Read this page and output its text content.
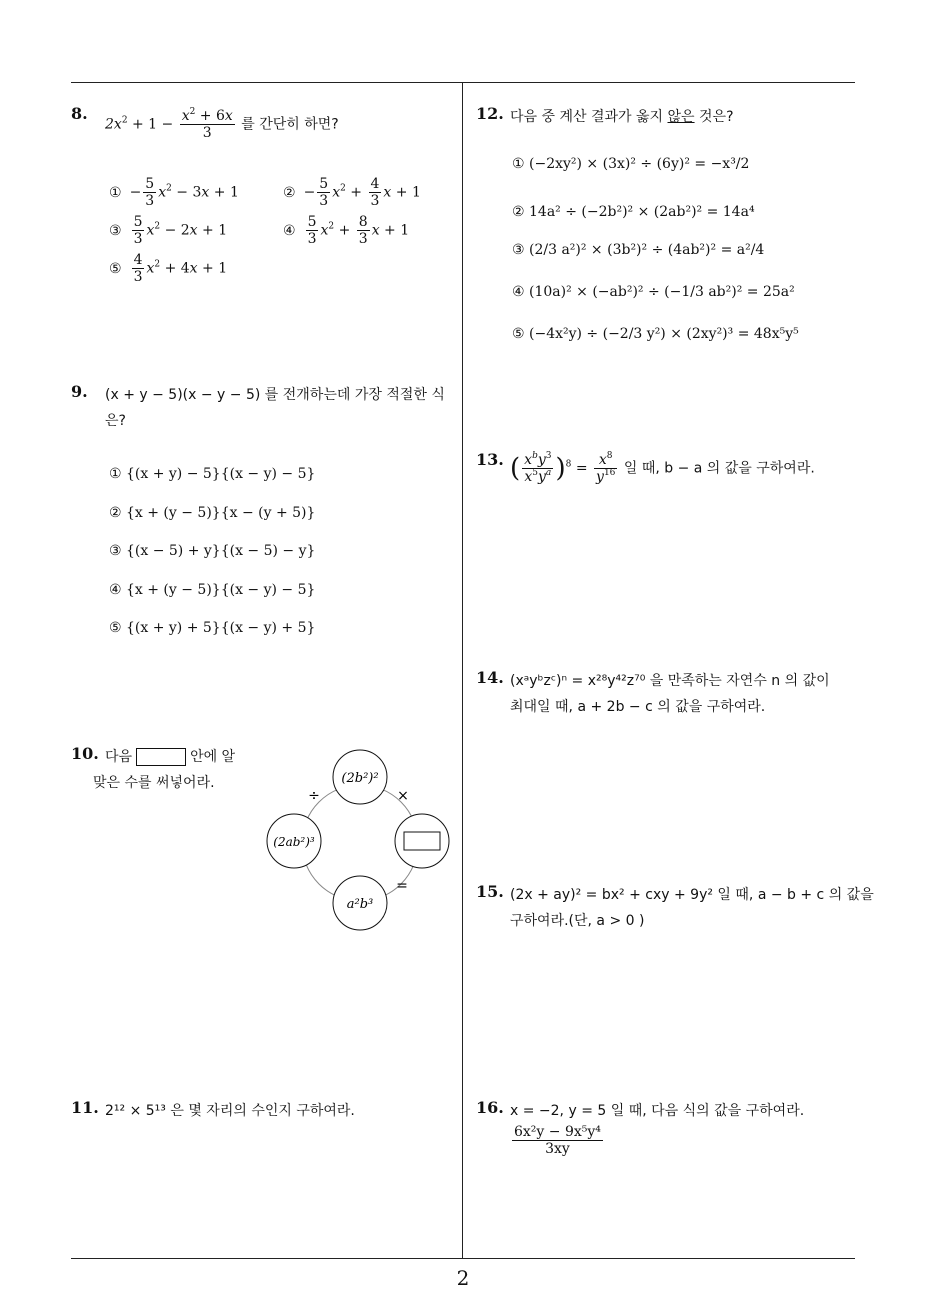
2
8.
$2x^2 + 1 - \frac{x^2 + 6x}{3}$ 를 간단히 하면?
① − $\frac{5}{3} x^2 - 3x + 1$	② − $\frac{5}{3} x^2 + \frac{4}{3}$ x + 1
③ $\frac{5}{3} x^2 - 2x + 1$	④ $\frac{5}{3} x^2 + \frac{8}{3}$ x + 1
⑤ $\frac{4}{3} x^2 + 4x + 1$
9. (x + y − 5)(x − y − 5) 를 전개하는데 가장 적절한 식
은?
① {(x + y) − 5}{(x − y) − 5}
② {x + (y − 5)}{x − (y + 5)}
③ {(x − 5) + y}{(x − 5) − y}
④ {x + (y − 5)}{(x − y) − 5}
⑤ {(x + y) + 5}{(x − y) + 5}
10. 다음	안에 알
맞은 수를 써넣어라.	(2b²)²
(2ab²)³
a²b³
÷	×
=
11. 2¹² × 5¹³ 은 몇 자리의 수인지 구하여라.
12. 다음 중 계산 결과가 옳지 않은 것은?
① (−2xy²) × (3x)² ÷ (6y)² = −x³/2
② 14a² ÷ (−2b²)² × (2ab²)² = 14a⁴
③ (2/3 a²)² × (3b²)² ÷ (4ab²)² = a²/4
④ (10a)² × (−ab²)² ÷ (−1/3 ab²)² = 25a²
⑤ (−4x²y) ÷ (−2/3 y²) × (2xy²)³ = 48x⁵y⁵
13. ( $\frac{x^by^3}{x^5y^a} )^8 = \frac{x^8}{y^{16}}$ 일 때, b − a 의 값을 구하여라.
14. (xᵃyᵇzᶜ)ⁿ = x²⁸y⁴²z⁷⁰ 을 만족하는 자연수 n 의 값이
최대일 때, a + 2b − c 의 값을 구하여라.
15. (2x + ay)² = bx² + cxy + 9y² 일 때, a − b + c 의 값을
구하여라.(단, a > 0 )
16. x = −2, y = 5 일 때, 다음 식의 값을 구하여라.
$\frac{\text{6x²y − 9x⁵y⁴}}{3xy}$
